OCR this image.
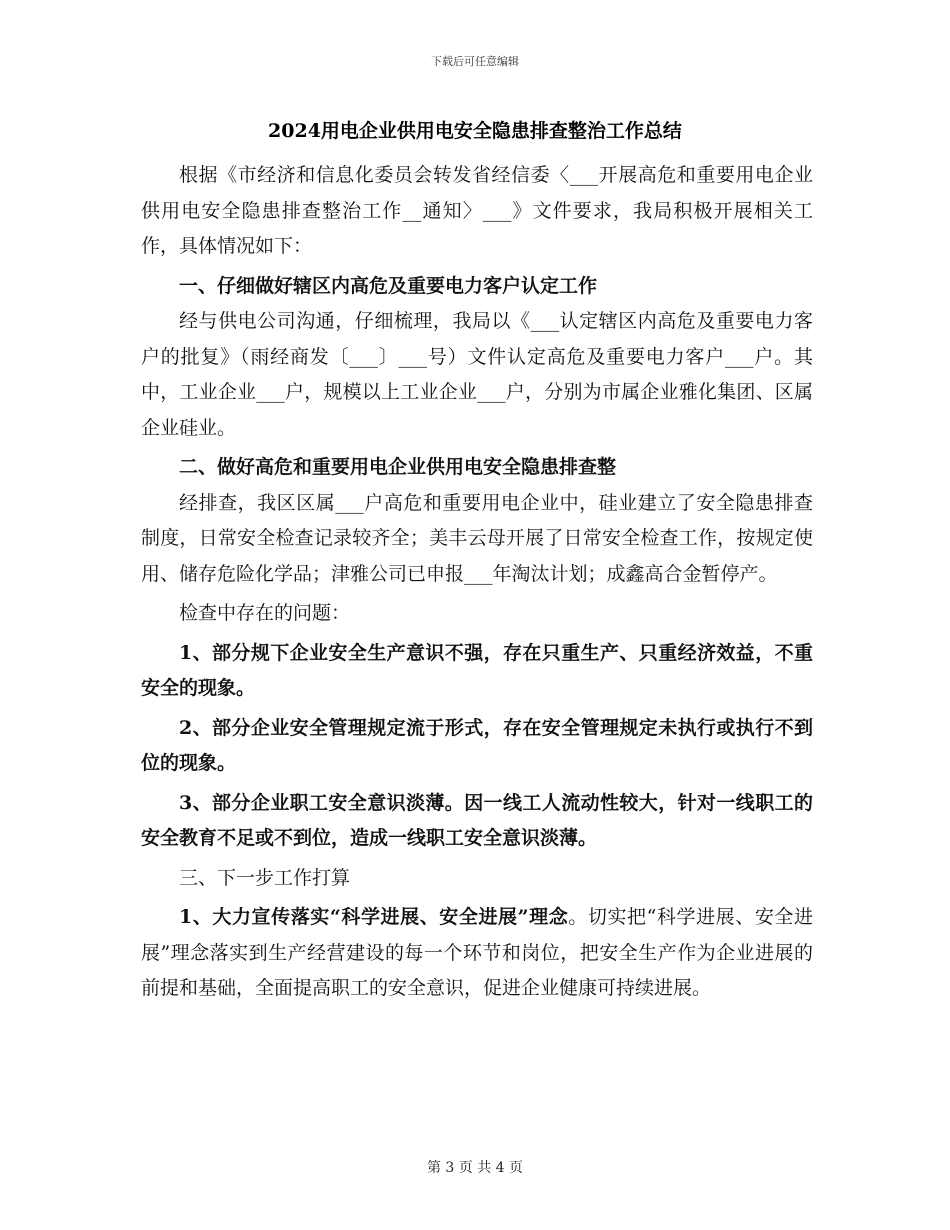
下载后可任意编辑
2024用电企业供用电安全隐患排查整治工作总结

根据《市经济和信息化委员会转发省经信委〈___开展高危和重要用电企业供用电安全隐患排查整治工作__通知〉___》文件要求，我局积极开展相关工作，具体情况如下：

一、仔细做好辖区内高危及重要电力客户认定工作

经与供电公司沟通，仔细梳理，我局以《___认定辖区内高危及重要电力客户的批复》（雨经商发〔___〕___号）文件认定高危及重要电力客户___户。其中，工业企业___户，规模以上工业企业___户，分别为市属企业雅化集团、区属企业硅业。

二、做好高危和重要用电企业供用电安全隐患排查整

经排查，我区区属___户高危和重要用电企业中，硅业建立了安全隐患排查制度，日常安全检查记录较齐全；美丰云母开展了日常安全检查工作，按规定使用、储存危险化学品；津雅公司已申报___年淘汰计划；成鑫高合金暂停产。

检查中存在的问题：

1、部分规下企业安全生产意识不强，存在只重生产、只重经济效益，不重安全的现象。

2、部分企业安全管理规定流于形式，存在安全管理规定未执行或执行不到位的现象。

3、部分企业职工安全意识淡薄。因一线工人流动性较大，针对一线职工的安全教育不足或不到位，造成一线职工安全意识淡薄。

三、下一步工作打算

1、大力宣传落实“科学进展、安全进展”理念。切实把“科学进展、安全进展”理念落实到生产经营建设的每一个环节和岗位，把安全生产作为企业进展的前提和基础，全面提高职工的安全意识，促进企业健康可持续进展。

第 3 页 共 4 页
